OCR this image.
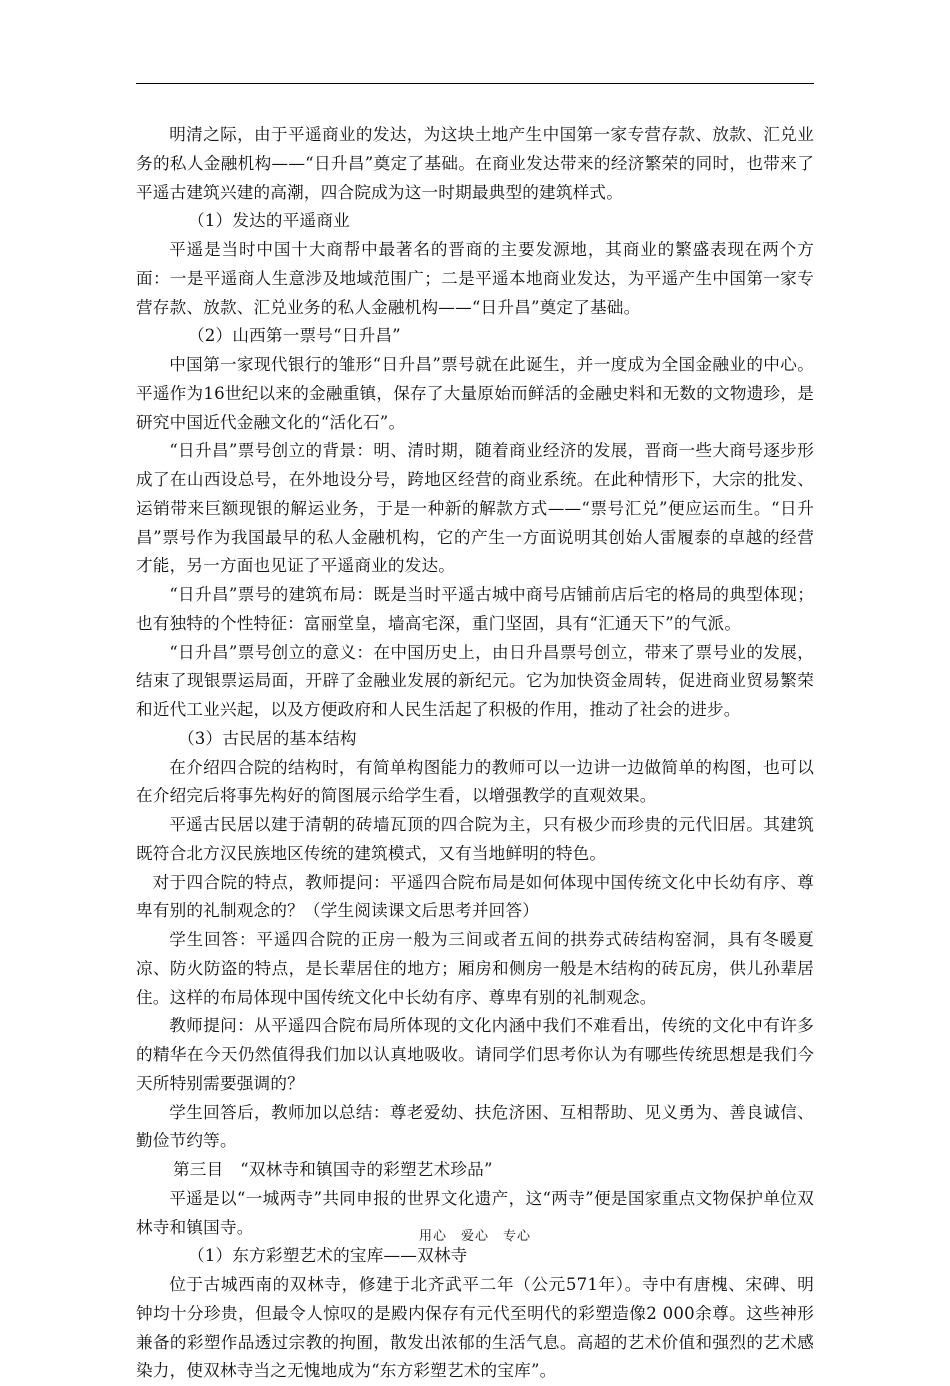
明清之际，由于平遥商业的发达，为这块土地产生中国第一家专营存款、放款、汇兑业务的私人金融机构——“日升昌”奠定了基础。在商业发达带来的经济繁荣的同时，也带来了平遥古建筑兴建的高潮，四合院成为这一时期最典型的建筑样式。

（1）发达的平遥商业

平遥是当时中国十大商帮中最著名的晋商的主要发源地，其商业的繁盛表现在两个方面：一是平遥商人生意涉及地域范围广；二是平遥本地商业发达，为平遥产生中国第一家专营存款、放款、汇兑业务的私人金融机构——“日升昌”奠定了基础。

（2）山西第一票号“日升昌”

中国第一家现代银行的雏形“日升昌”票号就在此诞生，并一度成为全国金融业的中心。平遥作为16世纪以来的金融重镇，保存了大量原始而鲜活的金融史料和无数的文物遗珍，是研究中国近代金融文化的“活化石”。

“日升昌”票号创立的背景：明、清时期，随着商业经济的发展，晋商一些大商号逐步形成了在山西设总号，在外地设分号，跨地区经营的商业系统。在此种情形下，大宗的批发、运销带来巨额现银的解运业务，于是一种新的解款方式——“票号汇兑”便应运而生。“日升昌”票号作为我国最早的私人金融机构，它的产生一方面说明其创始人雷履泰的卓越的经营才能，另一方面也见证了平遥商业的发达。

“日升昌”票号的建筑布局：既是当时平遥古城中商号店铺前店后宅的格局的典型体现；也有独特的个性特征：富丽堂皇，墙高宅深，重门坚固，具有“汇通天下”的气派。

“日升昌”票号创立的意义：在中国历史上，由日升昌票号创立，带来了票号业的发展，结束了现银票运局面，开辟了金融业发展的新纪元。它为加快资金周转，促进商业贸易繁荣和近代工业兴起，以及方便政府和人民生活起了积极的作用，推动了社会的进步。

（3）古民居的基本结构

在介绍四合院的结构时，有简单构图能力的教师可以一边讲一边做简单的构图，也可以在介绍完后将事先构好的简图展示给学生看，以增强教学的直观效果。

平遥古民居以建于清朝的砖墙瓦顶的四合院为主，只有极少而珍贵的元代旧居。其建筑既符合北方汉民族地区传统的建筑模式，又有当地鲜明的特色。

对于四合院的特点，教师提问：平遥四合院布局是如何体现中国传统文化中长幼有序、尊卑有别的礼制观念的？（学生阅读课文后思考并回答）

学生回答：平遥四合院的正房一般为三间或者五间的拱券式砖结构窑洞，具有冬暖夏凉、防火防盗的特点，是长辈居住的地方；厢房和侧房一般是木结构的砖瓦房，供儿孙辈居住。这样的布局体现中国传统文化中长幼有序、尊卑有别的礼制观念。

教师提问：从平遥四合院布局所体现的文化内涵中我们不难看出，传统的文化中有许多的精华在今天仍然值得我们加以认真地吸收。请同学们思考你认为有哪些传统思想是我们今天所特别需要强调的？

学生回答后，教师加以总结：尊老爱幼、扶危济困、互相帮助、见义勇为、善良诚信、勤俭节约等。

第三目　“双林寺和镇国寺的彩塑艺术珍品”

平遥是以“一城两寺”共同申报的世界文化遗产，这“两寺”便是国家重点文物保护单位双林寺和镇国寺。

（1）东方彩塑艺术的宝库——双林寺

位于古城西南的双林寺，修建于北齐武平二年（公元571年）。寺中有唐槐、宋碑、明钟均十分珍贵，但最令人惊叹的是殿内保存有元代至明代的彩塑造像2 000余尊。这些神形兼备的彩塑作品透过宗教的拘囿，散发出浓郁的生活气息。高超的艺术价值和强烈的艺术感染力，使双林寺当之无愧地成为“东方彩塑艺术的宝库”。

用心　爱心　专心
